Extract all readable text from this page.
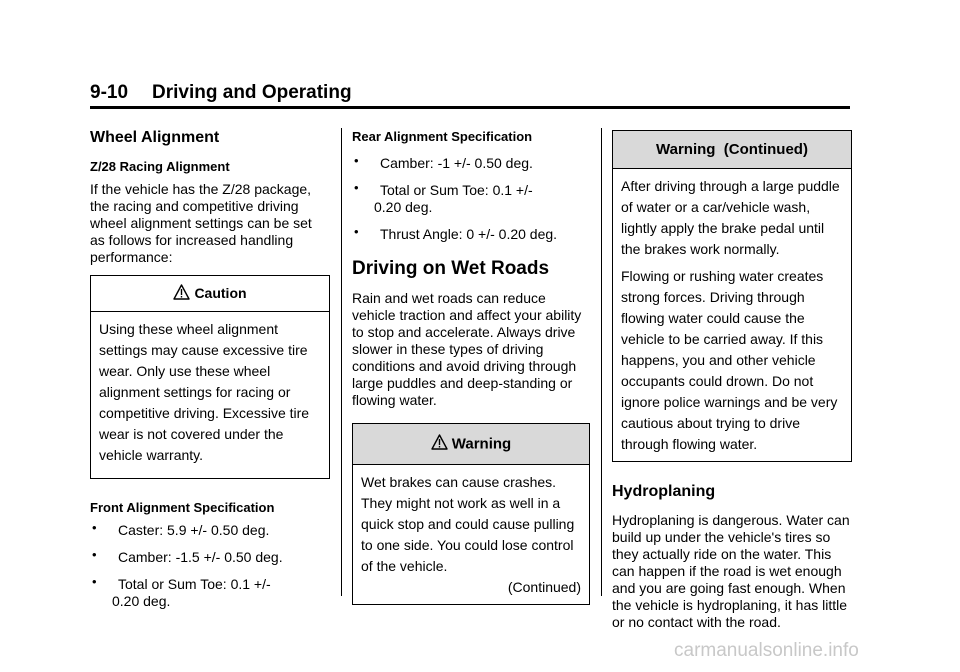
9-10 Driving and Operating
Wheel Alignment
Z/28 Racing Alignment

If the vehicle has the Z/28 package, the racing and competitive driving wheel alignment settings can be set as follows for increased handling performance:

Caution

Using these wheel alignment settings may cause excessive tire wear. Only use these wheel alignment settings for racing or competitive driving. Excessive tire wear is not covered under the vehicle warranty.

Front Alignment Specification
• Caster: 5.9 +/- 0.50 deg.
• Camber: -1.5 +/- 0.50 deg.
• Total or Sum Toe: 0.1 +/-
0.20 deg.
Rear Alignment Specification
• Camber: -1 +/- 0.50 deg.
• Total or Sum Toe: 0.1 +/-
0.20 deg.
• Thrust Angle: 0 +/- 0.20 deg.
Driving on Wet Roads

Rain and wet roads can reduce vehicle traction and affect your ability to stop and accelerate. Always drive slower in these types of driving conditions and avoid driving through large puddles and deep-standing or flowing water.

Warning

Wet brakes can cause crashes. They might not work as well in a quick stop and could cause pulling to one side. You could lose control of the vehicle.

(Continued)

Warning  (Continued)

After driving through a large puddle of water or a car/vehicle wash, lightly apply the brake pedal until the brakes work normally.

Flowing or rushing water creates strong forces. Driving through flowing water could cause the vehicle to be carried away. If this happens, you and other vehicle occupants could drown. Do not ignore police warnings and be very cautious about trying to drive through flowing water.

Hydroplaning

Hydroplaning is dangerous. Water can build up under the vehicle's tires so they actually ride on the water. This can happen if the road is wet enough and you are going fast enough. When the vehicle is hydroplaning, it has little or no contact with the road.

carmanualsonline.info
